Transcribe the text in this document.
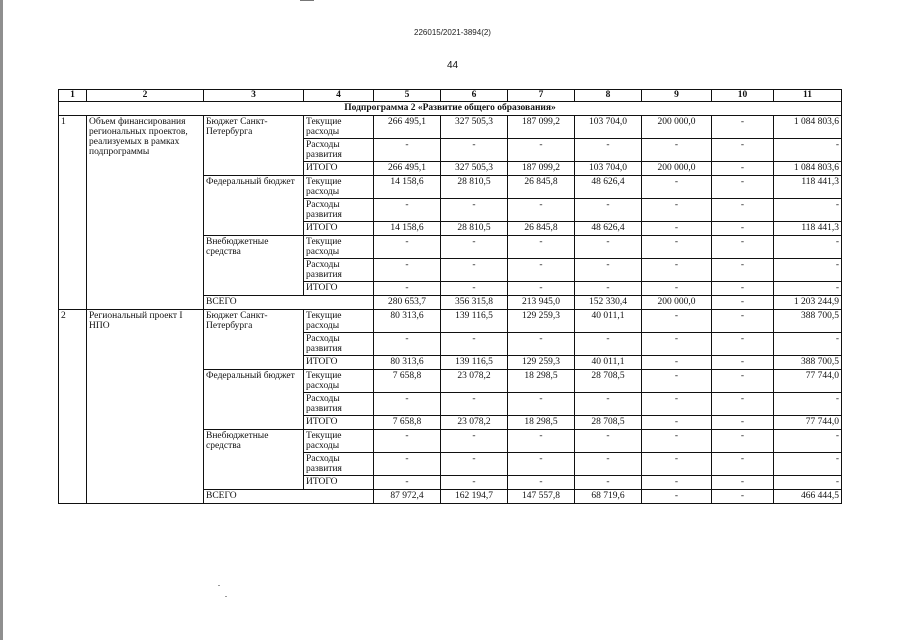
226015/2021-3894(2)
44
1	2	3	4	5	6	7	8	9	10	11
Подпрограмма 2 «Развитие общего образования»										
1	Объем финансирования региональных проектов, реализуемых в рамках подпрограммы	Бюджет Санкт-Петербурга	Текущие расходы	266 495,1	327 505,3	187 099,2	103 704,0	200 000,0	-	1 084 803,6
			Расходы развития	-	-	-	-	-	-	-
			ИТОГО	266 495,1	327 505,3	187 099,2	103 704,0	200 000,0	-	1 084 803,6
		Федеральный бюджет	Текущие расходы	14 158,6	28 810,5	26 845,8	48 626,4	-	-	118 441,3
			Расходы развития	-	-	-	-	-	-	-
			ИТОГО	14 158,6	28 810,5	26 845,8	48 626,4	-	-	118 441,3
		Внебюджетные средства	Текущие расходы	-	-	-	-	-	-	-
			Расходы развития	-	-	-	-	-	-	-
			ИТОГО	-	-	-	-	-	-	-
		ВСЕГО		280 653,7	356 315,8	213 945,0	152 330,4	200 000,0	-	1 203 244,9
2	Региональный проект I НПО	Бюджет Санкт-Петербурга	Текущие расходы	80 313,6	139 116,5	129 259,3	40 011,1	-	-	388 700,5
			Расходы развития	-	-	-	-	-	-	-
			ИТОГО	80 313,6	139 116,5	129 259,3	40 011,1	-	-	388 700,5
		Федеральный бюджет	Текущие расходы	7 658,8	23 078,2	18 298,5	28 708,5	-	-	77 744,0
			Расходы развития	-	-	-	-	-	-	-
			ИТОГО	7 658,8	23 078,2	18 298,5	28 708,5	-	-	77 744,0
		Внебюджетные средства	Текущие расходы	-	-	-	-	-	-	-
			Расходы развития	-	-	-	-	-	-	-
			ИТОГО	-	-	-	-	-	-	-
		ВСЕГО		87 972,4	162 194,7	147 557,8	68 719,6	-	-	466 444,5
